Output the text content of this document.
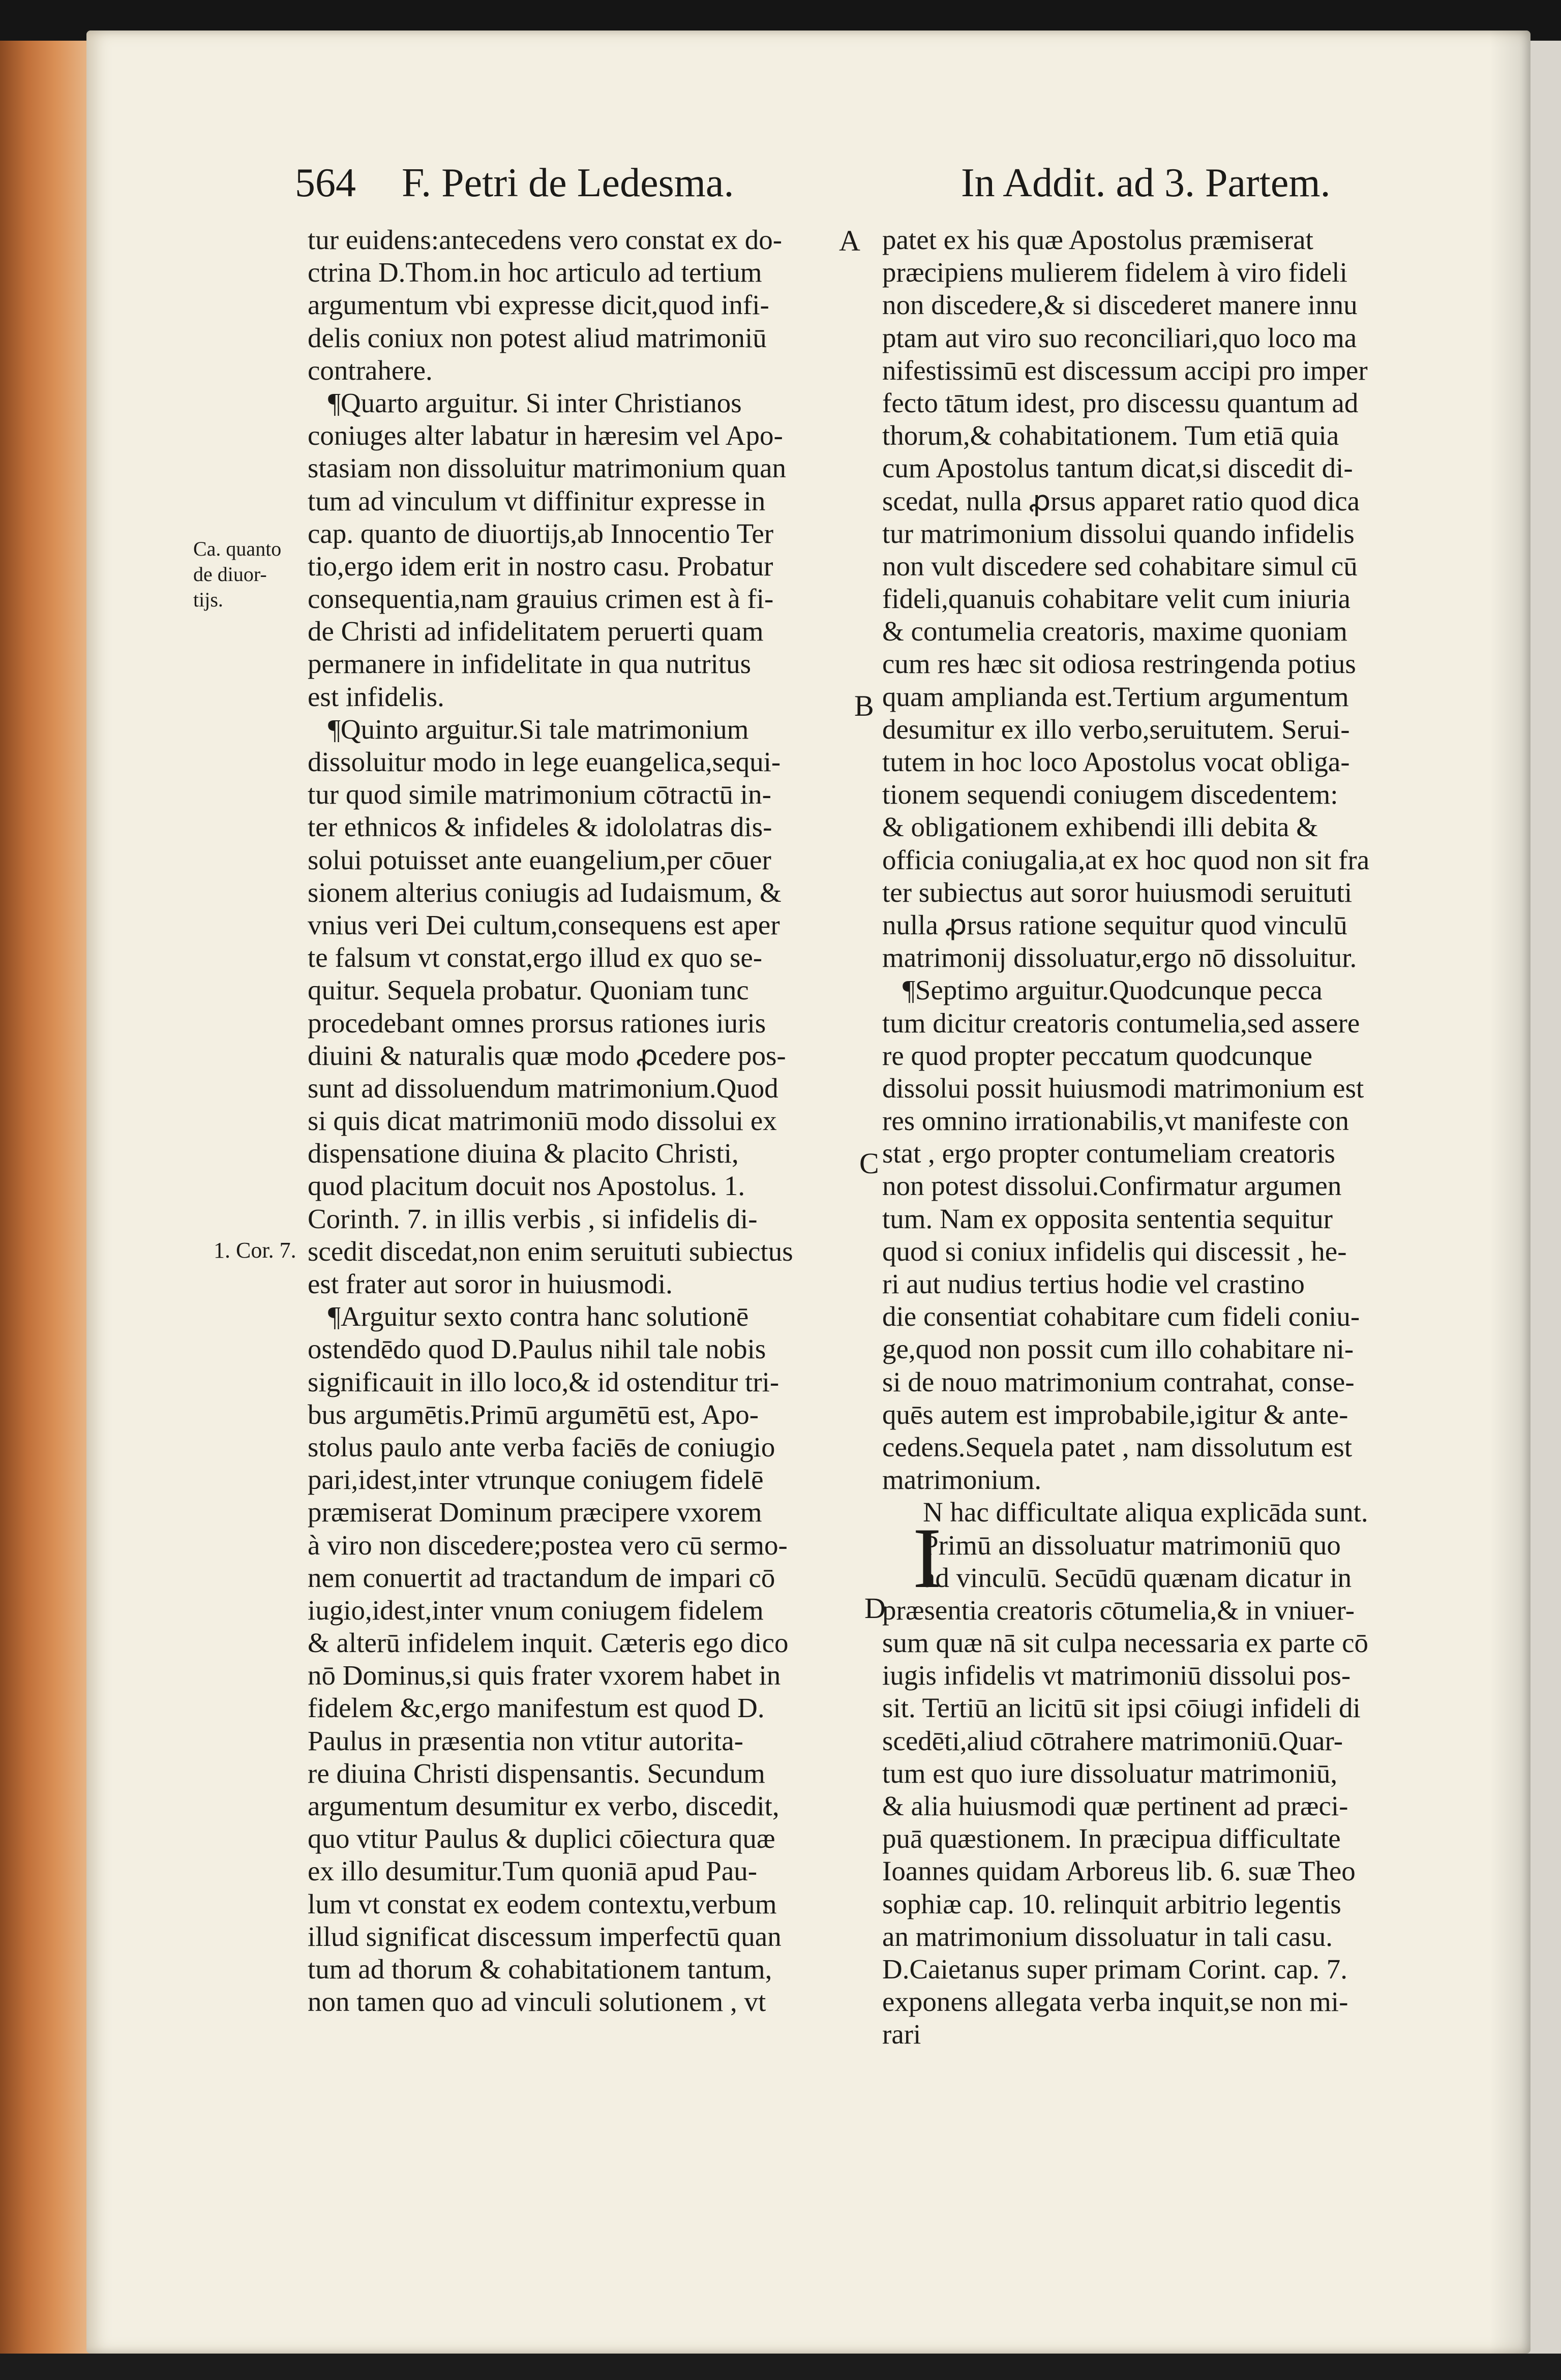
564 F. Petri de Ledesma.	In Addit. ad 3. Partem.
Ca. quanto
de diuor-
tijs.
1. Cor. 7.
A
B
C
D
tur euidens:antecedens vero constat ex do-
ctrina D.Thom.in hoc articulo ad tertium
argumentum vbi expresse dicit,quod infi-
delis coniux non potest aliud matrimoniū
contrahere.
¶Quarto arguitur. Si inter Christianos
coniuges alter labatur in hæresim vel Apo-
stasiam non dissoluitur matrimonium quan
tum ad vinculum vt diffinitur expresse in
cap. quanto de diuortijs,ab Innocentio Ter
tio,ergo idem erit in nostro casu. Probatur
consequentia,nam grauius crimen est à fi-
de Christi ad infidelitatem peruerti quam
permanere in infidelitate in qua nutritus
est infidelis.
¶Quinto arguitur.Si tale matrimonium
dissoluitur modo in lege euangelica,sequi-
tur quod simile matrimonium cōtractū in-
ter ethnicos & infideles & idololatras dis-
solui potuisset ante euangelium,per cōuer
sionem alterius coniugis ad Iudaismum, &
vnius veri Dei cultum,consequens est aper
te falsum vt constat,ergo illud ex quo se-
quitur. Sequela probatur. Quoniam tunc
procedebant omnes prorsus rationes iuris
diuini & naturalis quæ modo ꝓcedere pos-
sunt ad dissoluendum matrimonium.Quod
si quis dicat matrimoniū modo dissolui ex
dispensatione diuina & placito Christi,
quod placitum docuit nos Apostolus. 1.
Corinth. 7. in illis verbis , si infidelis di-
scedit discedat,non enim seruituti subiectus
est frater aut soror in huiusmodi.
¶Arguitur sexto contra hanc solutionē
ostendēdo quod D.Paulus nihil tale nobis
significauit in illo loco,& id ostenditur tri-
bus argumētis.Primū argumētū est, Apo-
stolus paulo ante verba faciēs de coniugio
pari,idest,inter vtrunque coniugem fidelē
præmiserat Dominum præcipere vxorem
à viro non discedere;postea vero cū sermo-
nem conuertit ad tractandum de impari cō
iugio,idest,inter vnum coniugem fidelem
& alterū infidelem inquit. Cæteris ego dico
nō Dominus,si quis frater vxorem habet in
fidelem &c,ergo manifestum est quod D.
Paulus in præsentia non vtitur autorita-
re diuina Christi dispensantis. Secundum
argumentum desumitur ex verbo, discedit,
quo vtitur Paulus & duplici cōiectura quæ
ex illo desumitur.Tum quoniā apud Pau-
lum vt constat ex eodem contextu,verbum
illud significat discessum imperfectū quan
tum ad thorum & cohabitationem tantum,
non tamen quo ad vinculi solutionem , vt
patet ex his quæ Apostolus præmiserat
præcipiens mulierem fidelem à viro fideli
non discedere,& si discederet manere innu
ptam aut viro suo reconciliari,quo loco ma
nifestissimū est discessum accipi pro imper
fecto tātum idest, pro discessu quantum ad
thorum,& cohabitationem. Tum etiā quia
cum Apostolus tantum dicat,si discedit di-
scedat, nulla ꝓrsus apparet ratio quod dica
tur matrimonium dissolui quando infidelis
non vult discedere sed cohabitare simul cū
fideli,quanuis cohabitare velit cum iniuria
& contumelia creatoris, maxime quoniam
cum res hæc sit odiosa restringenda potius
quam amplianda est.Tertium argumentum
desumitur ex illo verbo,seruitutem. Serui-
tutem in hoc loco Apostolus vocat obliga-
tionem sequendi coniugem discedentem:
& obligationem exhibendi illi debita &
officia coniugalia,at ex hoc quod non sit fra
ter subiectus aut soror huiusmodi seruituti
nulla ꝓrsus ratione sequitur quod vinculū
matrimonij dissoluatur,ergo nō dissoluitur.
¶Septimo arguitur.Quodcunque pecca
tum dicitur creatoris contumelia,sed assere
re quod propter peccatum quodcunque
dissolui possit huiusmodi matrimonium est
res omnino irrationabilis,vt manifeste con
stat , ergo propter contumeliam creatoris
non potest dissolui.Confirmatur argumen
tum. Nam ex opposita sententia sequitur
quod si coniux infidelis qui discessit , he-
ri aut nudius tertius hodie vel crastino
die consentiat cohabitare cum fideli coniu-
ge,quod non possit cum illo cohabitare ni-
si de nouo matrimonium contrahat, conse-
quēs autem est improbabile,igitur & ante-
cedens.Sequela patet , nam dissolutum est
matrimonium.
N hac difficultate aliqua explicāda sunt.
Primū an dissoluatur matrimoniū quo
ad vinculū. Secūdū quænam dicatur in
præsentia creatoris cōtumelia,& in vniuer-
sum quæ nā sit culpa necessaria ex parte cō
iugis infidelis vt matrimoniū dissolui pos-
sit. Tertiū an licitū sit ipsi cōiugi infideli di
scedēti,aliud cōtrahere matrimoniū.Quar-
tum est quo iure dissoluatur matrimoniū,
& alia huiusmodi quæ pertinent ad præci-
puā quæstionem. In præcipua difficultate
Ioannes quidam Arboreus lib. 6. suæ Theo
sophiæ cap. 10. relinquit arbitrio legentis
an matrimonium dissoluatur in tali casu.
D.Caietanus super primam Corint. cap. 7.
exponens allegata verba inquit,se non mi-
rari
I
